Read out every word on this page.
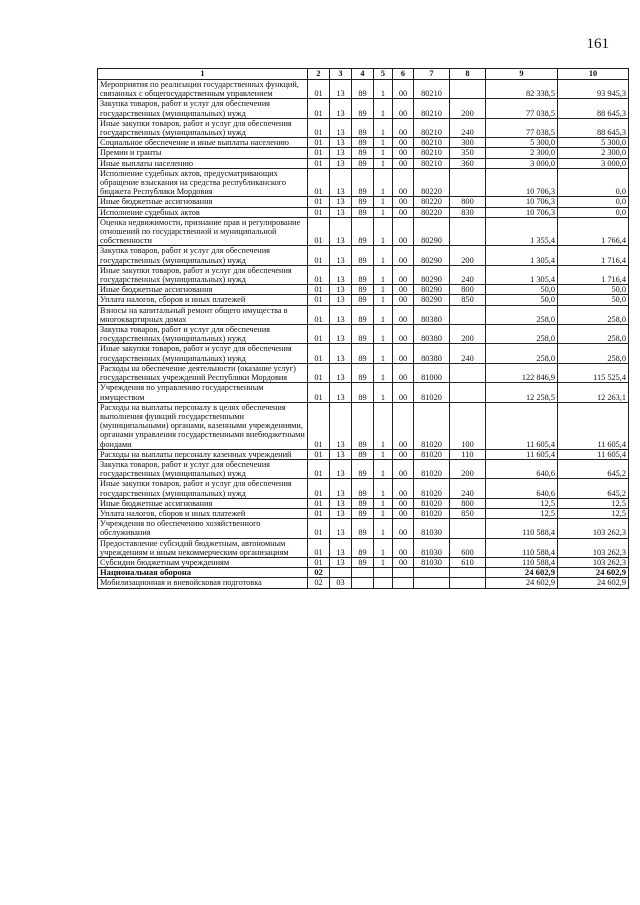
161
1	2	3	4	5	6	7	8	9	10
Мероприятия по реализации государственных функций, связанных с общегосударственным управлением	01	13	89	1	00	80210		82 338,5	93 945,3
Закупка товаров, работ и услуг для обеспечения государственных (муниципальных) нужд	01	13	89	1	00	80210	200	77 038,5	88 645,3
Иные закупки товаров, работ и услуг для обеспечения государственных (муниципальных) нужд	01	13	89	1	00	80210	240	77 038,5	88 645,3
Социальное обеспечение и иные выплаты населению	01	13	89	1	00	80210	300	5 300,0	5 300,0
Премии и гранты	01	13	89	1	00	80210	350	2 300,0	2 300,0
Иные выплаты населению	01	13	89	1	00	80210	360	3 000,0	3 000,0
Исполнение судебных актов, предусматривающих обращение взыскания на средства республиканского бюджета Республики Мордовия	01	13	89	1	00	80220		10 706,3	0,0
Иные бюджетные ассигнования	01	13	89	1	00	80220	800	10 706,3	0,0
Исполнение судебных актов	01	13	89	1	00	80220	830	10 706,3	0,0
Оценка недвижимости, признание прав и регулирование отношений по государственной и муниципальной собственности	01	13	89	1	00	80290		1 355,4	1 766,4
Закупка товаров, работ и услуг для обеспечения государственных (муниципальных) нужд	01	13	89	1	00	80290	200	1 305,4	1 716,4
Иные закупки товаров, работ и услуг для обеспечения государственных (муниципальных) нужд	01	13	89	1	00	80290	240	1 305,4	1 716,4
Иные бюджетные ассигнования	01	13	89	1	00	80290	800	50,0	50,0
Уплата налогов, сборов и иных платежей	01	13	89	1	00	80290	850	50,0	50,0
Взносы на капитальный ремонт общего имущества в многоквартирных домах	01	13	89	1	00	80380		258,0	258,0
Закупка товаров, работ и услуг для обеспечения государственных (муниципальных) нужд	01	13	89	1	00	80380	200	258,0	258,0
Иные закупки товаров, работ и услуг для обеспечения государственных (муниципальных) нужд	01	13	89	1	00	80380	240	258,0	258,0
Расходы на обеспечение деятельности (оказание услуг) государственных учреждений Республики Мордовия	01	13	89	1	00	81000		122 846,9	115 525,4
Учреждения по управлению государственным имуществом	01	13	89	1	00	81020		12 258,5	12 263,1
Расходы на выплаты персоналу в целях обеспечения выполнения функций государственными (муниципальными) органами, казенными учреждениями, органами управления государственными внебюджетными фондами	01	13	89	1	00	81020	100	11 605,4	11 605,4
Расходы на выплаты персоналу казенных учреждений	01	13	89	1	00	81020	110	11 605,4	11 605,4
Закупка товаров, работ и услуг для обеспечения государственных (муниципальных) нужд	01	13	89	1	00	81020	200	640,6	645,2
Иные закупки товаров, работ и услуг для обеспечения государственных (муниципальных) нужд	01	13	89	1	00	81020	240	640,6	645,2
Иные бюджетные ассигнования	01	13	89	1	00	81020	800	12,5	12,5
Уплата налогов, сборов и иных платежей	01	13	89	1	00	81020	850	12,5	12,5
Учреждения по обеспечению хозяйственного обслуживания	01	13	89	1	00	81030		110 588,4	103 262,3
Предоставление субсидий бюджетным, автономным учреждениям и иным некоммерческим организациям	01	13	89	1	00	81030	600	110 588,4	103 262,3
Субсидии бюджетным учреждениям	01	13	89	1	00	81030	610	110 588,4	103 262,3
Национальная оборона	02							24 602,9	24 602,9
Мобилизационная и вневойсковая подготовка	02	03						24 602,9	24 602,9
